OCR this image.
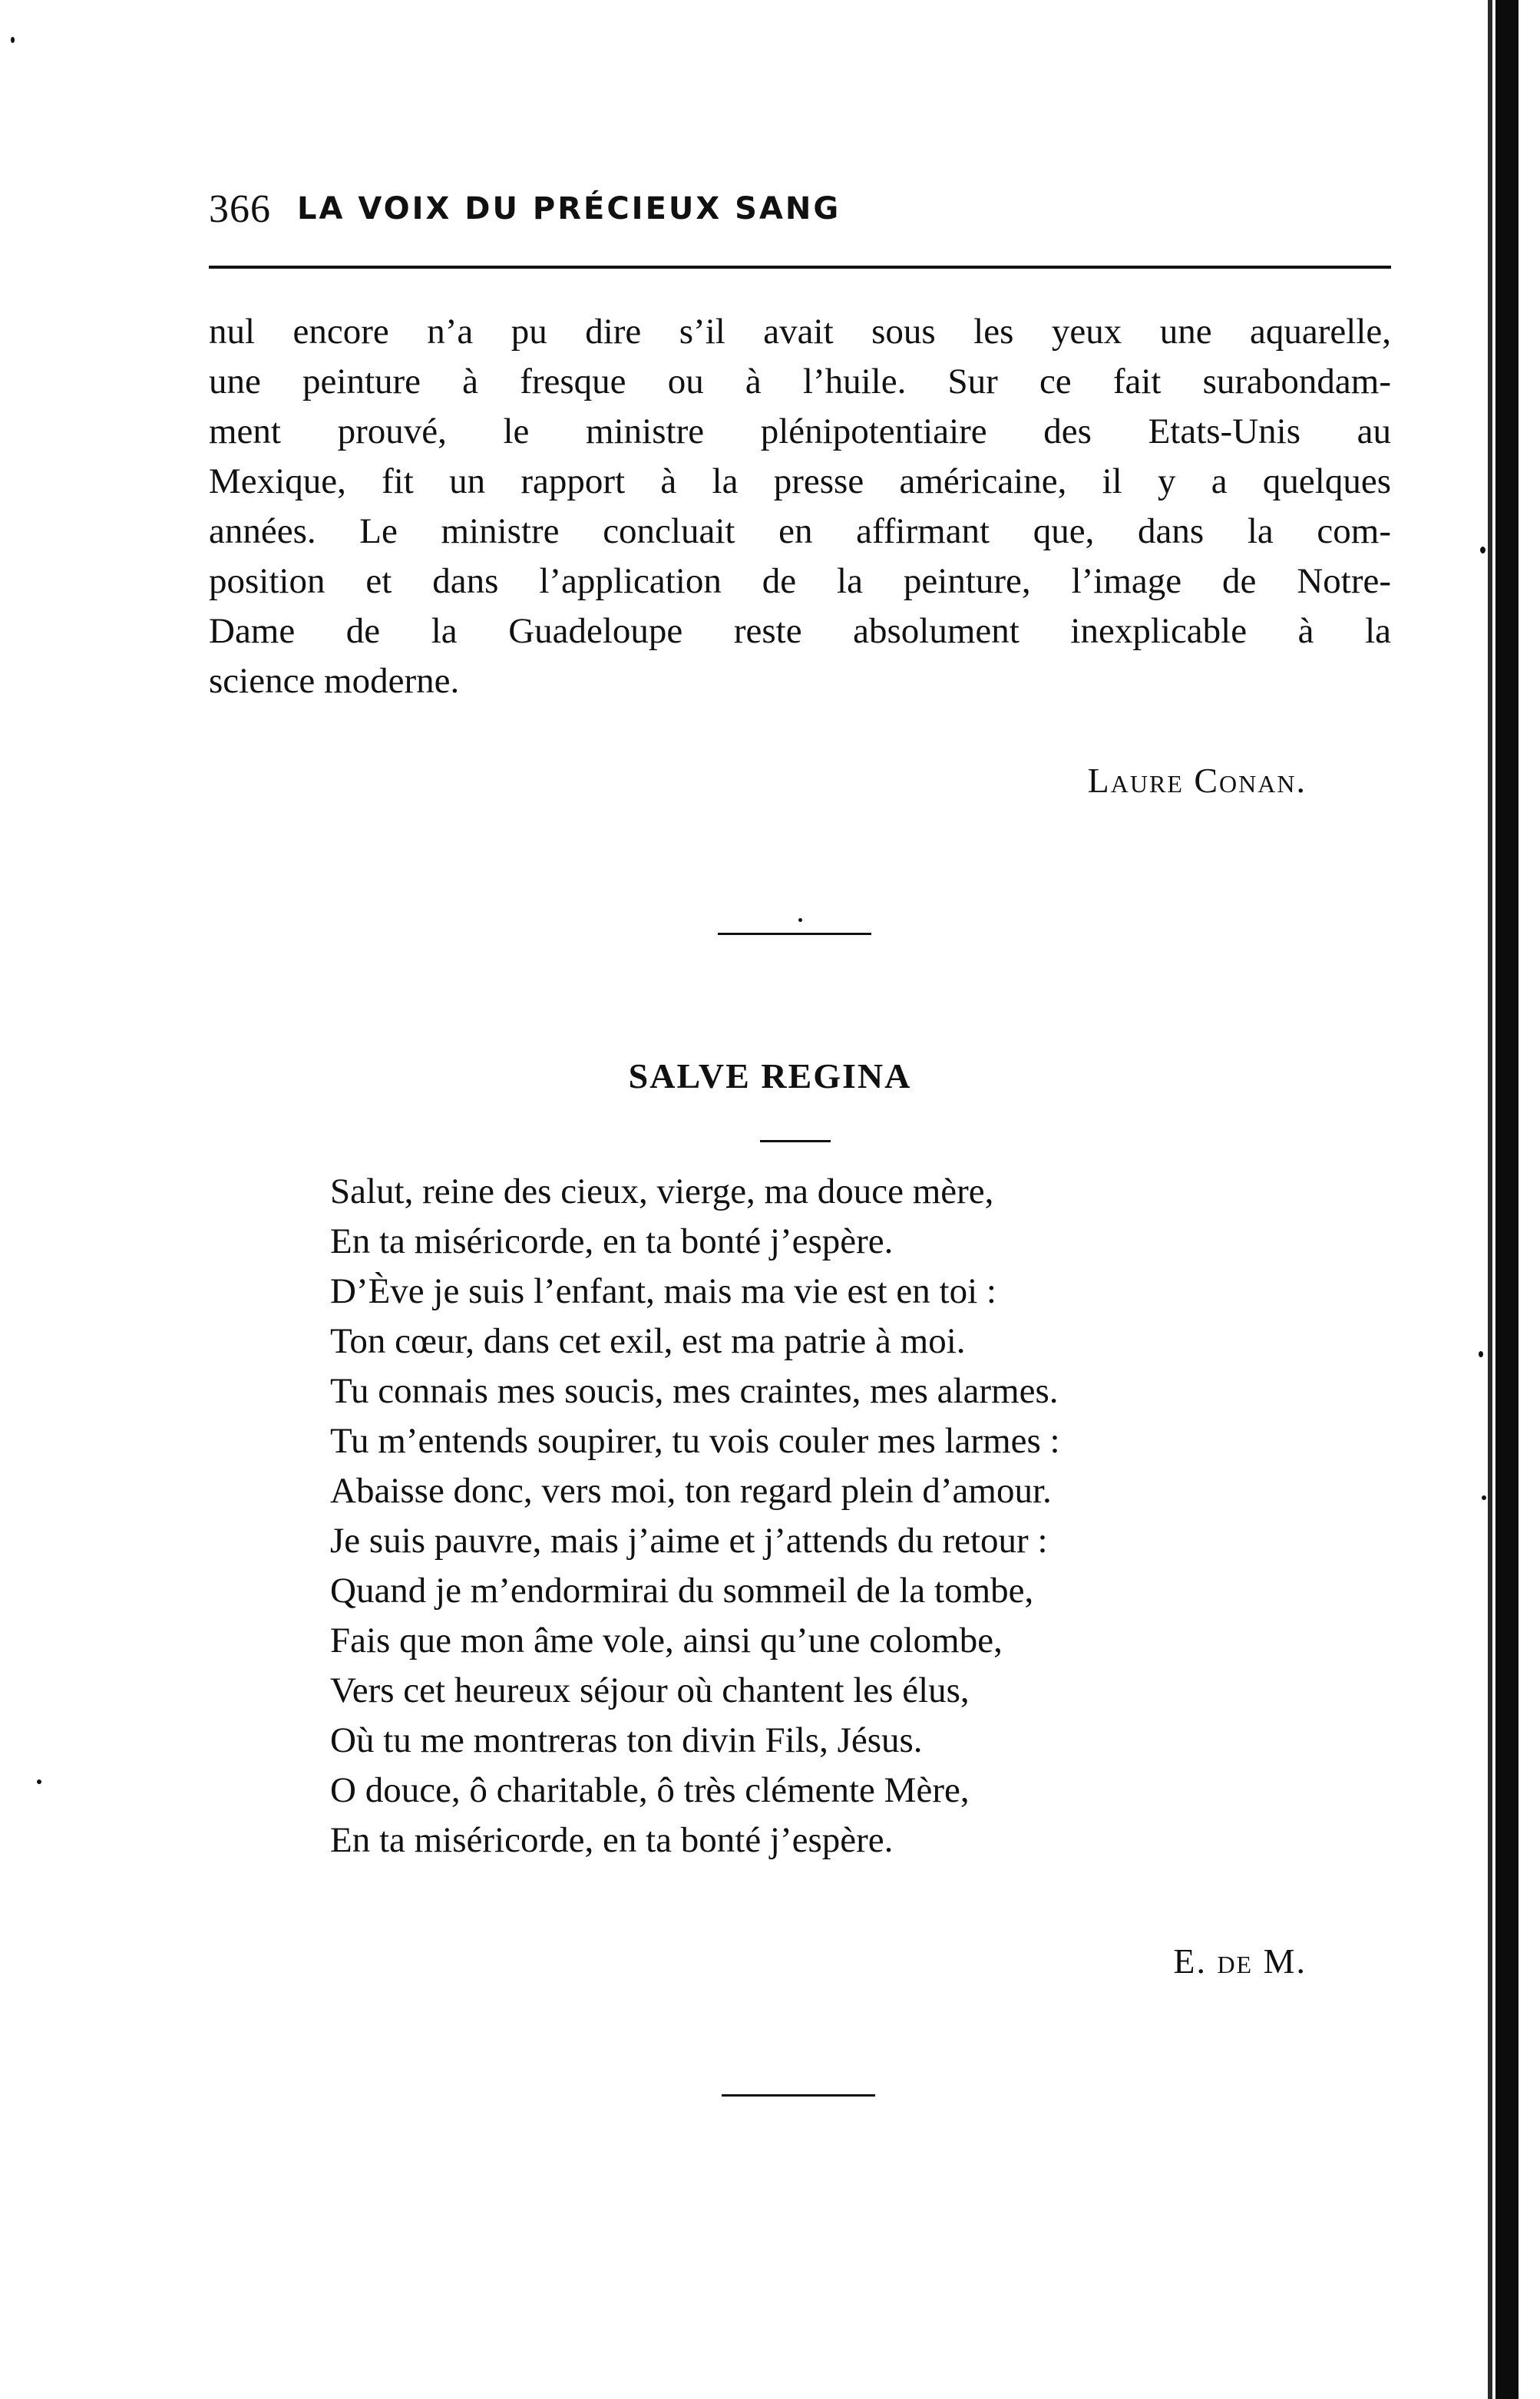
366 LA VOIX DU PRÉCIEUX SANG
nul encore n’a pu dire s’il avait sous les yeux une aquarelle,
une peinture à fresque ou à l’huile. Sur ce fait surabondam-
ment prouvé, le ministre plénipotentiaire des Etats-Unis au
Mexique, fit un rapport à la presse américaine, il y a quelques
années. Le ministre concluait en affirmant que, dans la com-
position et dans l’application de la peinture, l’image de Notre-
Dame de la Guadeloupe reste absolument inexplicable à la
science moderne.
Laure Conan.
SALVE REGINA
Salut, reine des cieux, vierge, ma douce mère,
En ta miséricorde, en ta bonté j’espère.
D’Ève je suis l’enfant, mais ma vie est en toi :
Ton cœur, dans cet exil, est ma patrie à moi.
Tu connais mes soucis, mes craintes, mes alarmes.
Tu m’entends soupirer, tu vois couler mes larmes :
Abaisse donc, vers moi, ton regard plein d’amour.
Je suis pauvre, mais j’aime et j’attends du retour :
Quand je m’endormirai du sommeil de la tombe,
Fais que mon âme vole, ainsi qu’une colombe,
Vers cet heureux séjour où chantent les élus,
Où tu me montreras ton divin Fils, Jésus.
O douce, ô charitable, ô très clémente Mère,
En ta miséricorde, en ta bonté j’espère.
E. de M.
